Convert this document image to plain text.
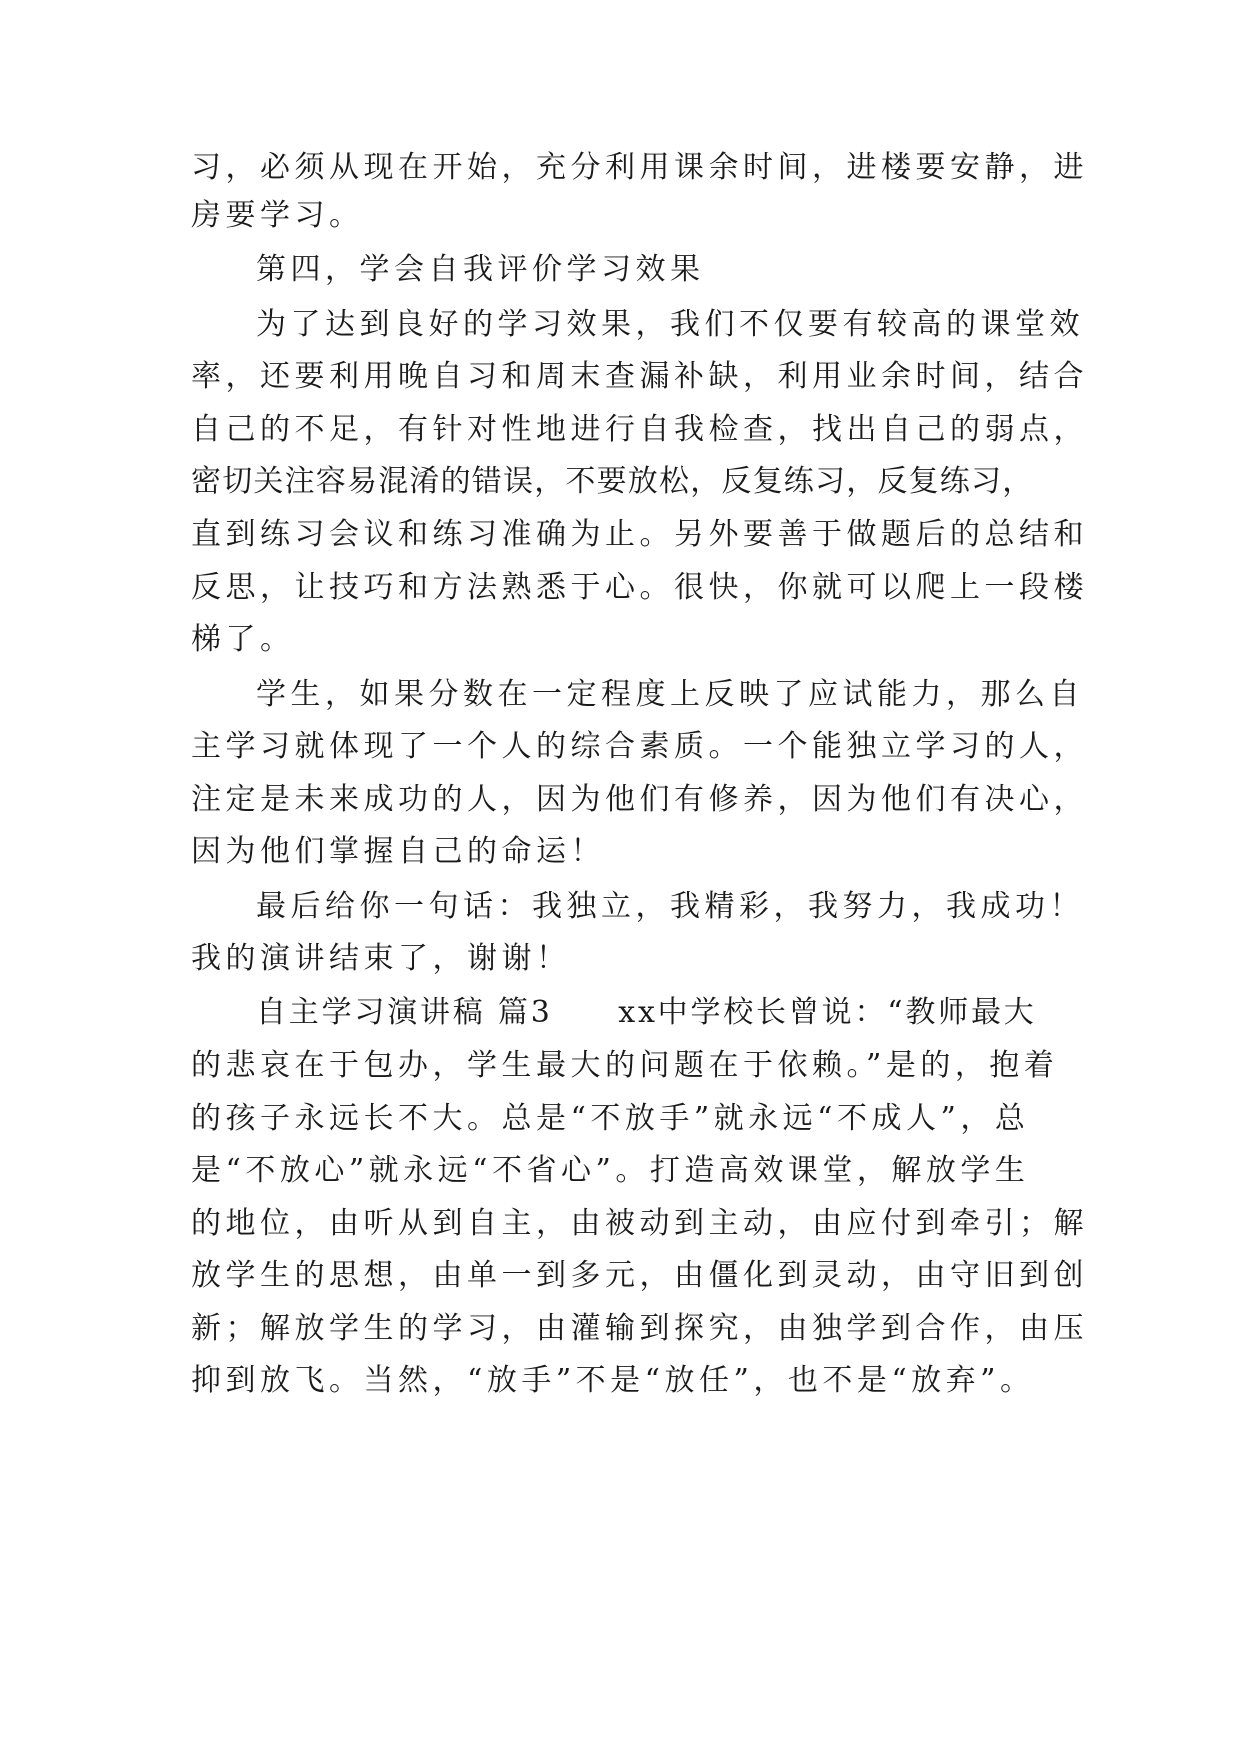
习，必须从现在开始，充分利用课余时间，进楼要安静，进
房要学习。
第四，学会自我评价学习效果
为了达到良好的学习效果，我们不仅要有较高的课堂效
率，还要利用晚自习和周末查漏补缺，利用业余时间，结合
自己的不足，有针对性地进行自我检查，找出自己的弱点，
密切关注容易混淆的错误，不要放松，反复练习，反复练习，
直到练习会议和练习准确为止。另外要善于做题后的总结和
反思，让技巧和方法熟悉于心。很快，你就可以爬上一段楼
梯了。
学生，如果分数在一定程度上反映了应试能力，那么自
主学习就体现了一个人的综合素质。一个能独立学习的人，
注定是未来成功的人，因为他们有修养，因为他们有决心，
因为他们掌握自己的命运！
最后给你一句话：我独立，我精彩，我努力，我成功！
我的演讲结束了，谢谢！
自主学习演讲稿 篇3　　xx中学校长曾说：“教师最大
的悲哀在于包办，学生最大的问题在于依赖。”是的，抱着
的孩子永远长不大。总是“不放手”就永远“不成人”，总
是“不放心”就永远“不省心”。打造高效课堂，解放学生
的地位，由听从到自主，由被动到主动，由应付到牵引；解
放学生的思想，由单一到多元，由僵化到灵动，由守旧到创
新；解放学生的学习，由灌输到探究，由独学到合作，由压
抑到放飞。当然，“放手”不是“放任”，也不是“放弃”。
